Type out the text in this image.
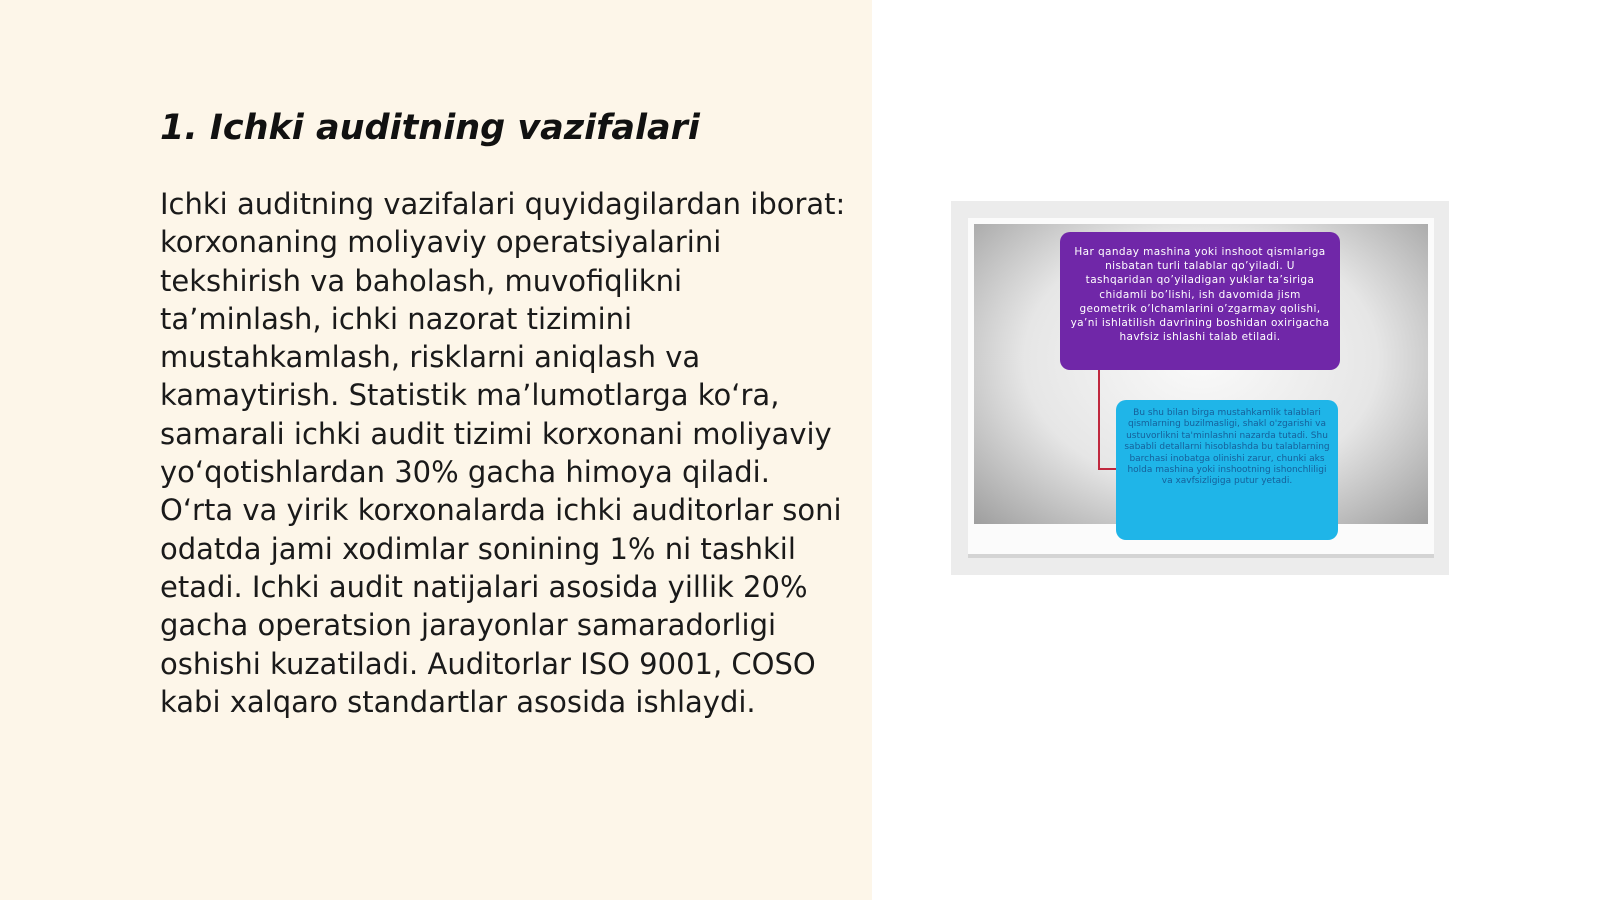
1. Ichki auditning vazifalari

Ichki auditning vazifalari quyidagilardan iborat: korxonaning moliyaviy operatsiyalarini tekshirish va baholash, muvofiqlikni ta’minlash, ichki nazorat tizimini mustahkamlash, risklarni aniqlash va kamaytirish. Statistik ma’lumotlarga ko‘ra, samarali ichki audit tizimi korxonani moliyaviy yo‘qotishlardan 30% gacha himoya qiladi. O‘rta va yirik korxonalarda ichki auditorlar soni odatda jami xodimlar sonining 1% ni tashkil etadi. Ichki audit natijalari asosida yillik 20% gacha operatsion jarayonlar samaradorligi oshishi kuzatiladi. Auditorlar ISO 9001, COSO kabi xalqaro standartlar asosida ishlaydi.

Har qanday mashina yoki inshoot qismlariga nisbatan turli talablar qo’yiladi. U tashqaridan qo’yiladigan yuklar ta’siriga chidamli bo’lishi, ish davomida jism geometrik o’lchamlarini o’zgarmay qolishi, ya’ni ishlatilish davrining boshidan oxirigacha havfsiz ishlashi talab etiladi.
Bu shu bilan birga mustahkamlik talablari qismlarning buzilmasligi, shakl o'zgarishi va ustuvorlikni ta'minlashni nazarda tutadi. Shu sababli detallarni hisoblashda bu talablarning barchasi inobatga olinishi zarur, chunki aks holda mashina yoki inshootning ishonchliligi va xavfsizligiga putur yetadi.
